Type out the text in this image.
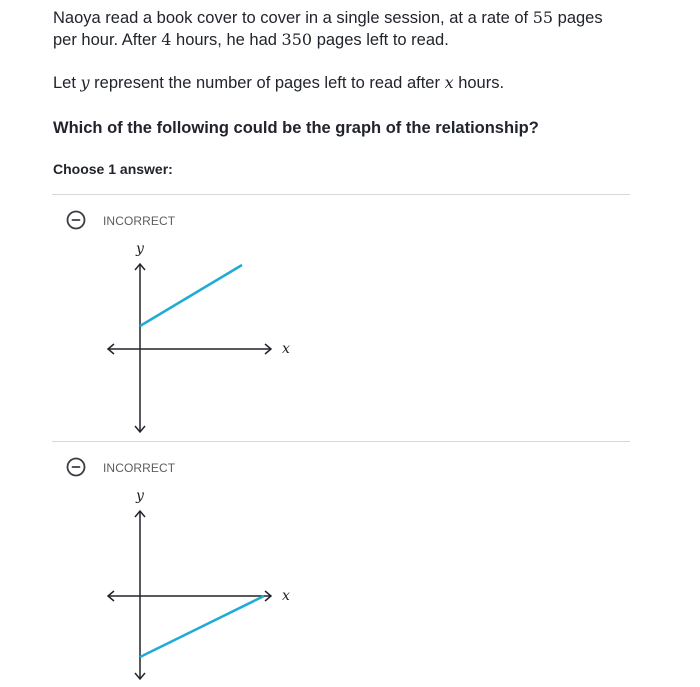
Naoya read a book cover to cover in a single session, at a rate of 55 pages
per hour. After 4 hours, he had 350 pages left to read.
Let y represent the number of pages left to read after x hours.
Which of the following could be the graph of the relationship?
Choose 1 answer:
INCORRECT
y
x
INCORRECT
y
x
